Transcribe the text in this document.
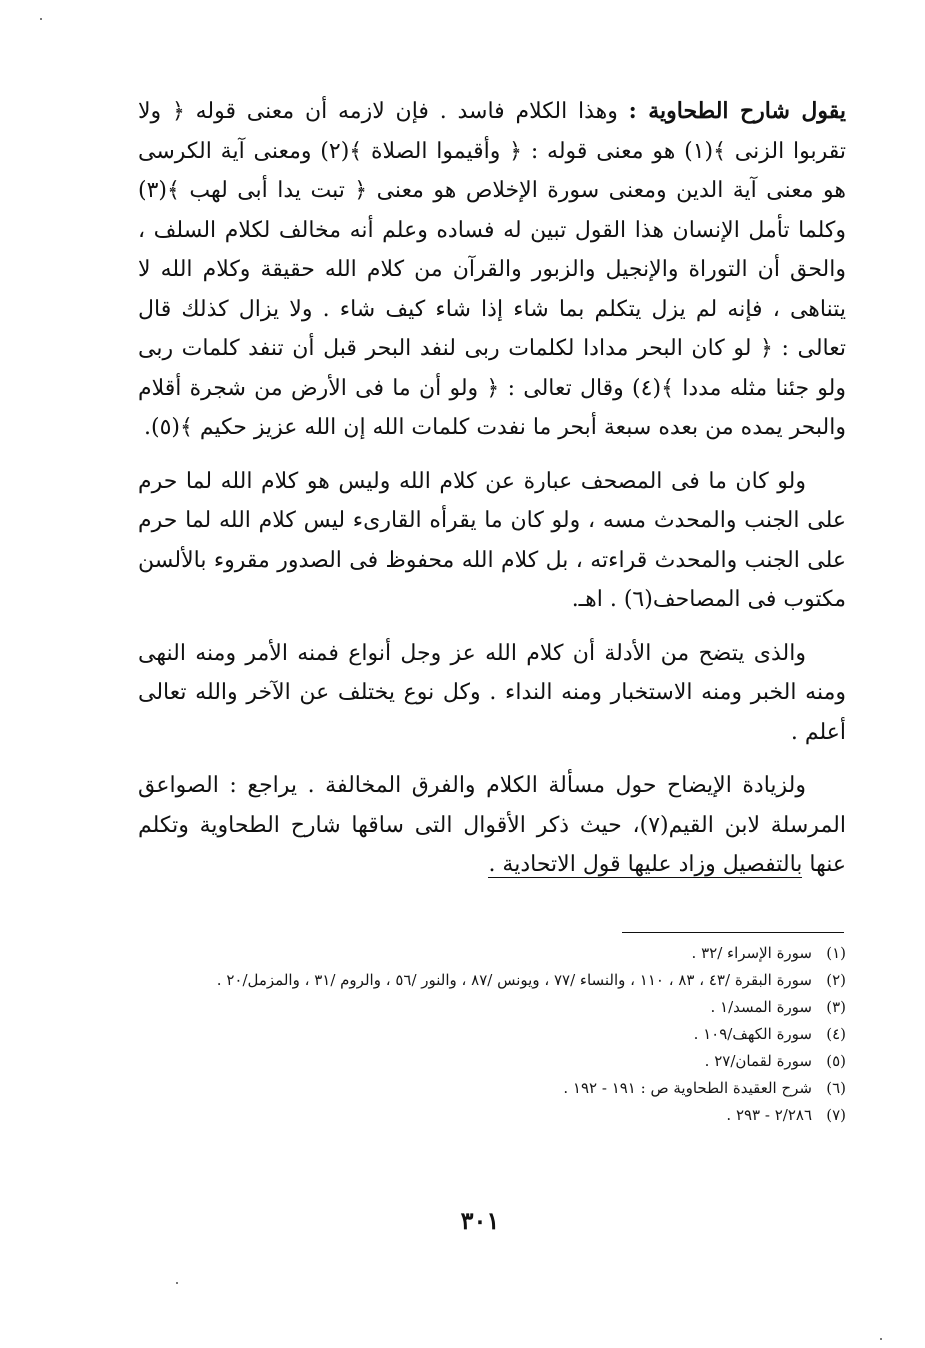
يقول شارح الطحاوية : وهذا الكلام فاسد . فإن لازمه أن معنى قوله ﴿ ولا تقربوا الزنى ﴾(١) هو معنى قوله : ﴿ وأقيموا الصلاة ﴾(٢) ومعنى آية الكرسى هو معنى آية الدين ومعنى سورة الإخلاص هو معنى ﴿ تبت يدا أبى لهب ﴾(٣) وكلما تأمل الإنسان هذا القول تبين له فساده وعلم أنه مخالف لكلام السلف ، والحق أن التوراة والإنجيل والزبور والقرآن من كلام الله حقيقة وكلام الله لا يتناهى ، فإنه لم يزل يتكلم بما شاء إذا شاء كيف شاء . ولا يزال كذلك قال تعالى : ﴿ لو كان البحر مدادا لكلمات ربى لنفد البحر قبل أن تنفد كلمات ربى ولو جئنا مثله مددا ﴾(٤) وقال تعالى : ﴿ ولو أن ما فى الأرض من شجرة أقلام والبحر يمده من بعده سبعة أبحر ما نفدت كلمات الله إن الله عزيز حكيم ﴾(٥).

ولو كان ما فى المصحف عبارة عن كلام الله وليس هو كلام الله لما حرم على الجنب والمحدث مسه ، ولو كان ما يقرأه القارىء ليس كلام الله لما حرم على الجنب والمحدث قراءته ، بل كلام الله محفوظ فى الصدور مقروء بالألسن مكتوب فى المصاحف(٦) . اهـ.

والذى يتضح من الأدلة أن كلام الله عز وجل أنواع فمنه الأمر ومنه النهى ومنه الخبر ومنه الاستخبار ومنه النداء . وكل نوع يختلف عن الآخر والله تعالى أعلم .

ولزيادة الإيضاح حول مسألة الكلام والفرق المخالفة . يراجع : الصواعق المرسلة لابن القيم(٧)، حيث ذكر الأقوال التى ساقها شارح الطحاوية وتكلم عنها بالتفصيل وزاد عليها قول الاتحادية .

(١)
سورة الإسراء /٣٢ .
(٢)
سورة البقرة /٤٣ ، ٨٣ ، ١١٠ ، والنساء /٧٧ ، ويونس /٨٧ ، والنور /٥٦ ، والروم /٣١ ، والمزمل/٢٠ .
(٣)
سورة المسد/١ .
(٤)
سورة الكهف/١٠٩ .
(٥)
سورة لقمان/٢٧ .
(٦)
شرح العقيدة الطحاوية ص : ١٩١ - ١٩٢ .
(٧)
٢/٢٨٦ - ٢٩٣ .
٣٠١
